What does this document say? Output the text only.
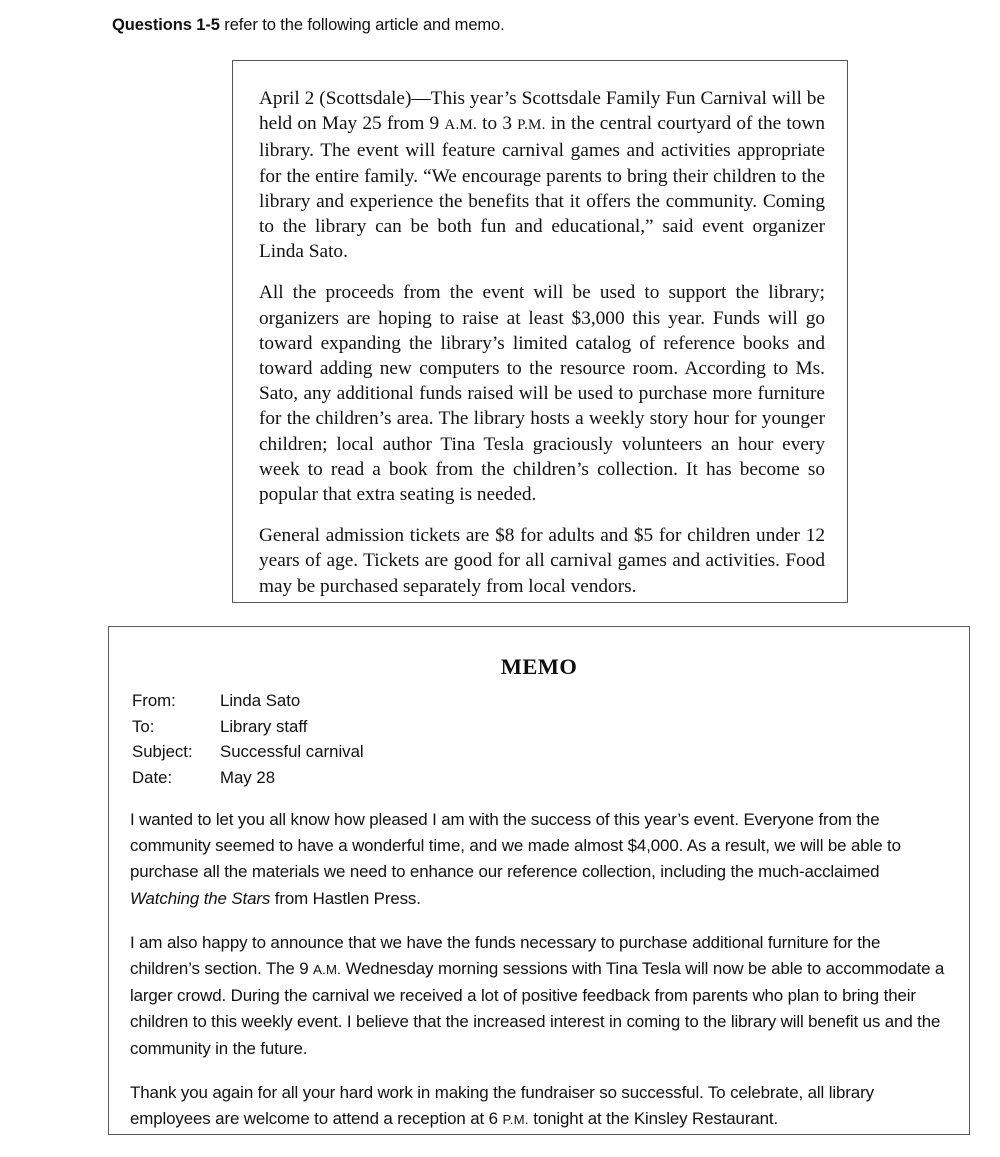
Questions 1-5 refer to the following article and memo.

April 2 (Scottsdale)—This year’s Scottsdale Family Fun Carnival will be held on May 25 from 9 A.M. to 3 P.M. in the central courtyard of the town library. The event will feature carnival games and activities appropriate for the entire family. “We encourage parents to bring their children to the library and experience the benefits that it offers the community. Coming to the library can be both fun and educational,” said event organizer Linda Sato.

All the proceeds from the event will be used to support the library; organizers are hoping to raise at least $3,000 this year. Funds will go toward expanding the library’s limited catalog of reference books and toward adding new computers to the resource room. According to Ms. Sato, any additional funds raised will be used to purchase more furniture for the children’s area. The library hosts a weekly story hour for younger children; local author Tina Tesla graciously volunteers an hour every week to read a book from the children’s collection. It has become so popular that extra seating is needed.

General admission tickets are $8 for adults and $5 for children under 12 years of age. Tickets are good for all carnival games and activities. Food may be purchased separately from local vendors.

MEMO
From:	Linda Sato
To:	Library staff
Subject:	Successful carnival
Date:	May 28

I wanted to let you all know how pleased I am with the success of this year’s event. Everyone from the community seemed to have a wonderful time, and we made almost $4,000. As a result, we will be able to purchase all the materials we need to enhance our reference collection, including the much-acclaimed Watching the Stars from Hastlen Press.

I am also happy to announce that we have the funds necessary to purchase additional furniture for the children’s section. The 9 A.M. Wednesday morning sessions with Tina Tesla will now be able to accommodate a larger crowd. During the carnival we received a lot of positive feedback from parents who plan to bring their children to this weekly event. I believe that the increased interest in coming to the library will benefit us and the community in the future.

Thank you again for all your hard work in making the fundraiser so successful. To celebrate, all library employees are welcome to attend a reception at 6 P.M. tonight at the Kinsley Restaurant.
